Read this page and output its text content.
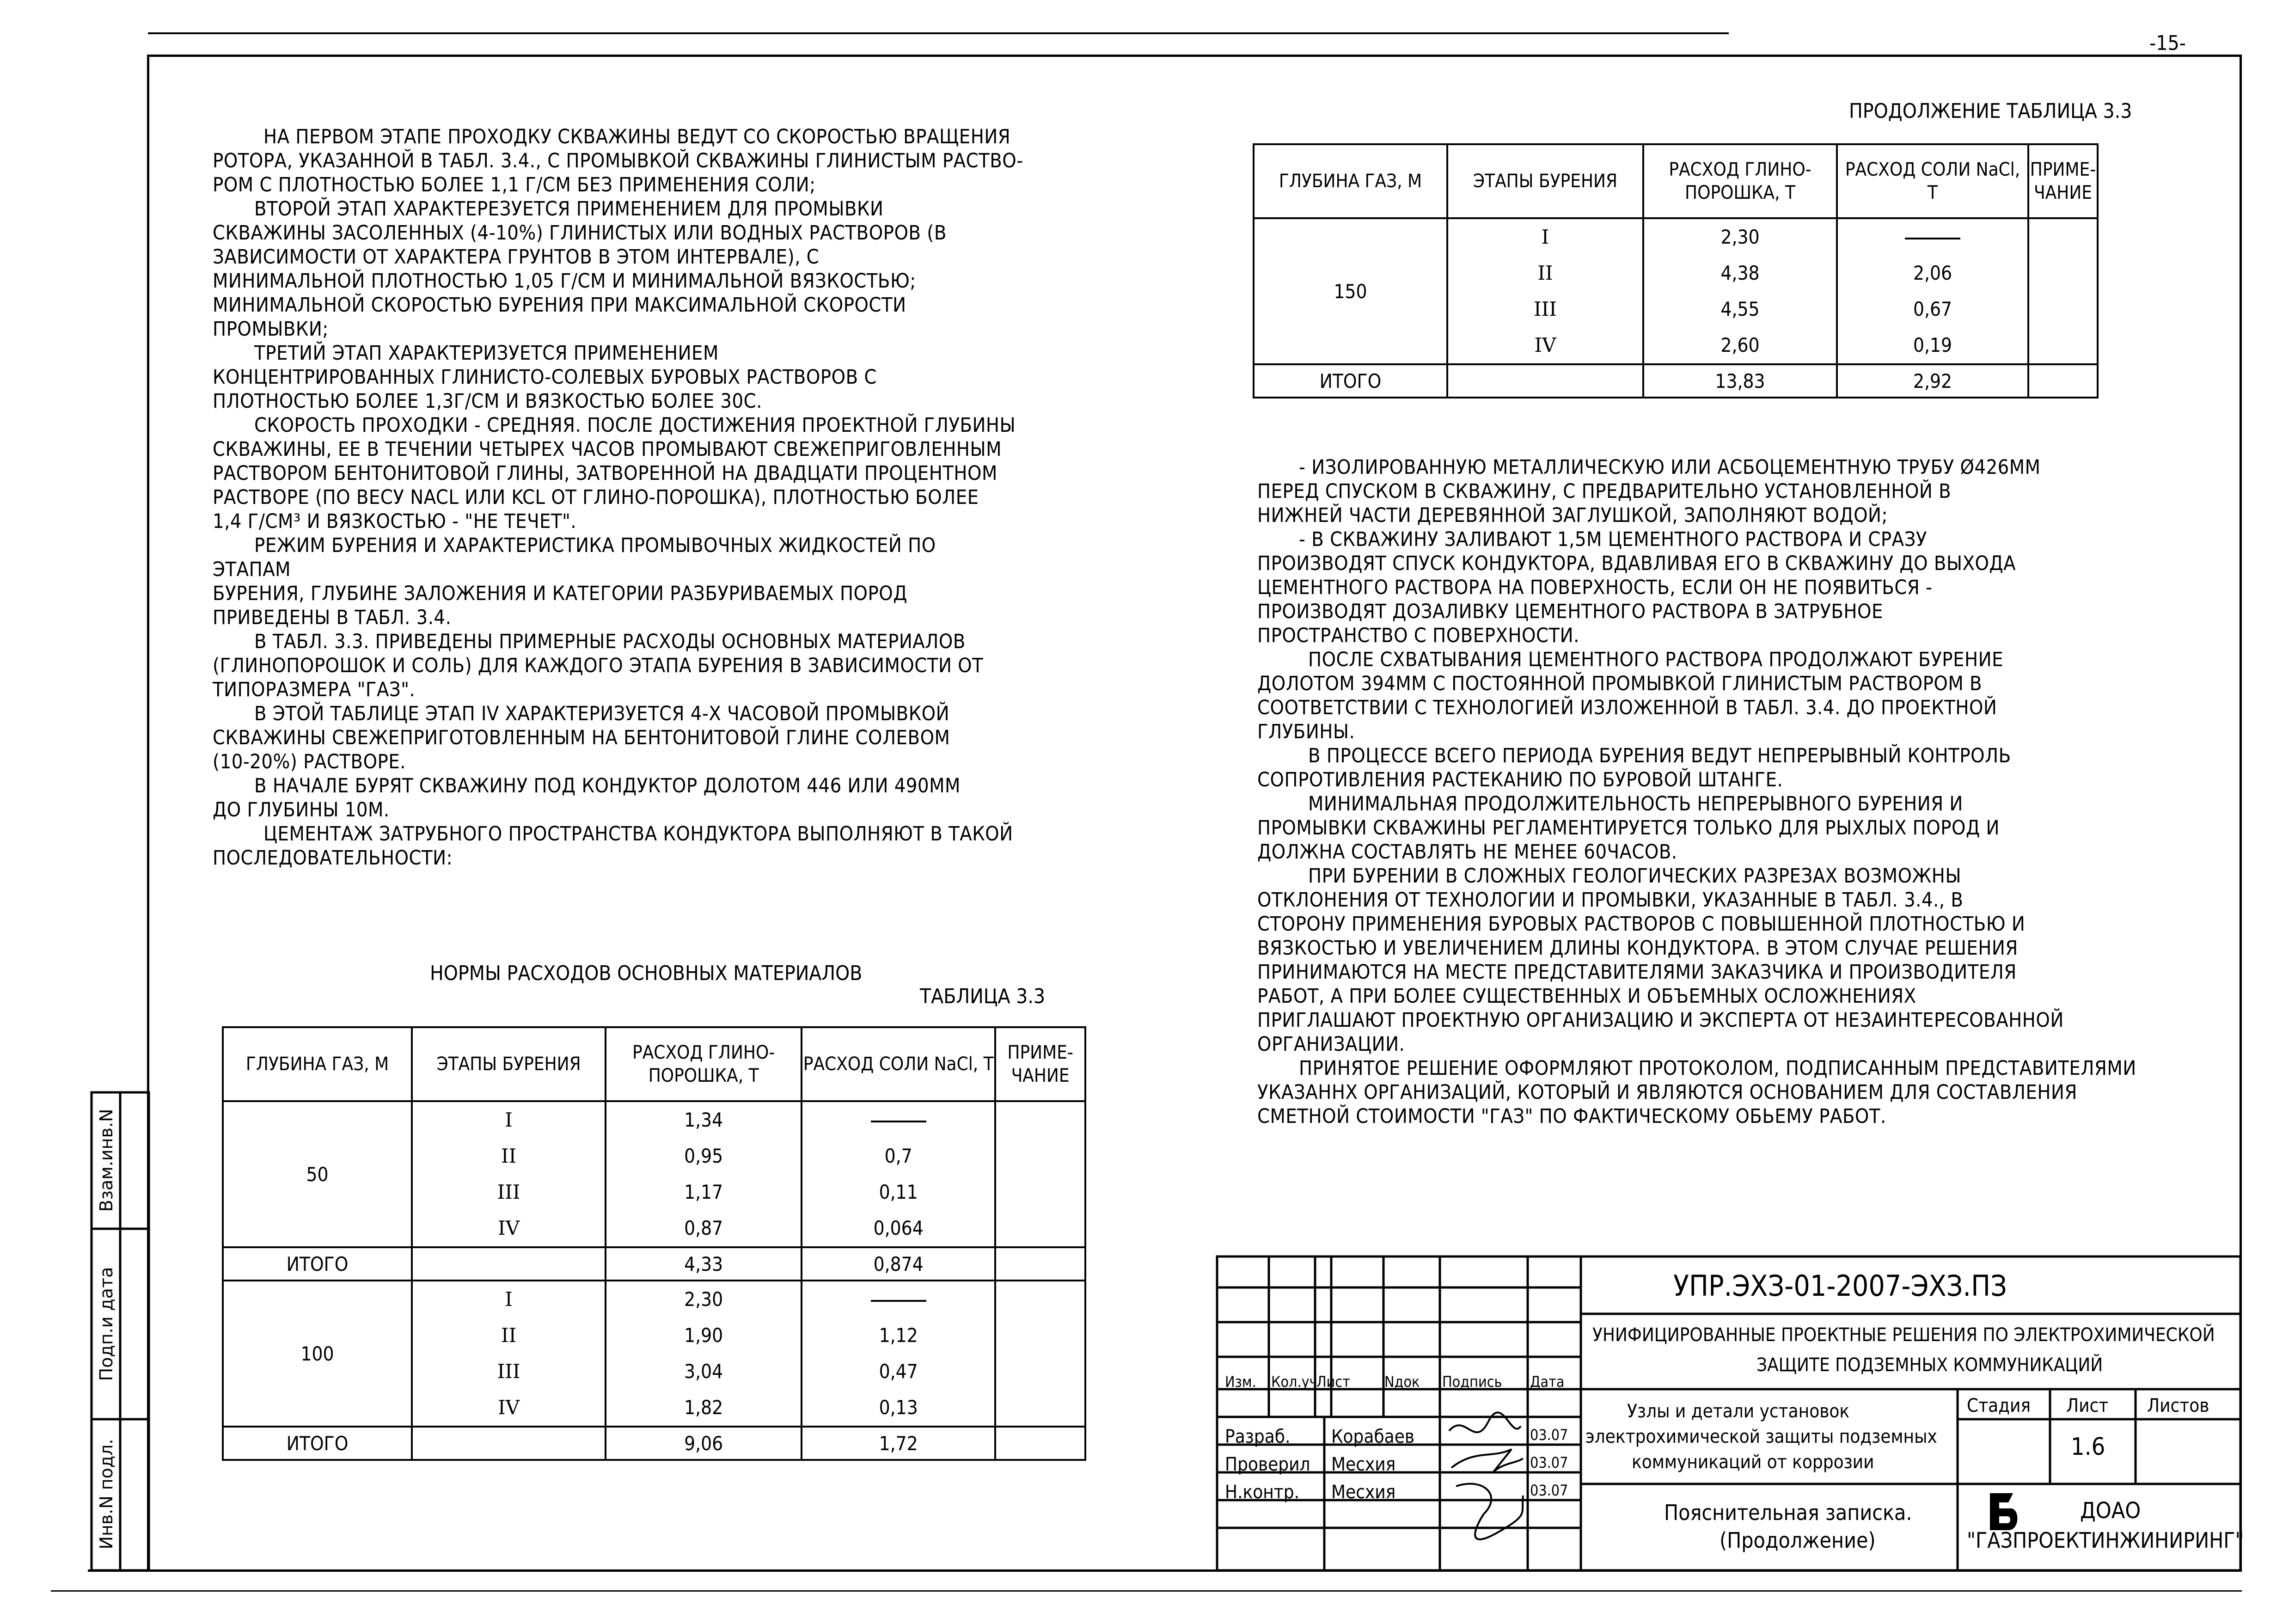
-15-

НА ПЕРВОМ ЭТАПЕ ПРОХОДКУ СКВАЖИНЫ ВЕДУТ СО СКОРОСТЬЮ ВРАЩЕНИЯ

РОТОРА, УКАЗАННОЙ В ТАБЛ. 3.4., С ПРОМЫВКОЙ СКВАЖИНЫ ГЛИНИСТЫМ РАСТВО-

РОМ С ПЛОТНОСТЬЮ БОЛЕЕ 1,1 Г/СМ БЕЗ ПРИМЕНЕНИЯ СОЛИ;

ВТОРОЙ ЭТАП ХАРАКТЕРЕЗУЕТСЯ ПРИМЕНЕНИЕМ ДЛЯ ПРОМЫВКИ

СКВАЖИНЫ ЗАСОЛЕННЫХ (4-10%) ГЛИНИСТЫХ ИЛИ ВОДНЫХ РАСТВОРОВ (В

ЗАВИСИМОСТИ ОТ ХАРАКТЕРА ГРУНТОВ В ЭТОМ ИНТЕРВАЛЕ), С

МИНИМАЛЬНОЙ ПЛОТНОСТЬЮ 1,05 Г/СМ И МИНИМАЛЬНОЙ ВЯЗКОСТЬЮ;

МИНИМАЛЬНОЙ СКОРОСТЬЮ БУРЕНИЯ ПРИ МАКСИМАЛЬНОЙ СКОРОСТИ

ПРОМЫВКИ;

ТРЕТИЙ ЭТАП ХАРАКТЕРИЗУЕТСЯ ПРИМЕНЕНИЕМ

КОНЦЕНТРИРОВАННЫХ ГЛИНИСТО-СОЛЕВЫХ БУРОВЫХ РАСТВОРОВ С

ПЛОТНОСТЬЮ БОЛЕЕ 1,3Г/СМ И ВЯЗКОСТЬЮ БОЛЕЕ 30С.

СКОРОСТЬ ПРОХОДКИ - СРЕДНЯЯ. ПОСЛЕ ДОСТИЖЕНИЯ ПРОЕКТНОЙ ГЛУБИНЫ

СКВАЖИНЫ, ЕЕ В ТЕЧЕНИИ ЧЕТЫРЕХ ЧАСОВ ПРОМЫВАЮТ СВЕЖЕПРИГОВЛЕННЫМ

РАСТВОРОМ БЕНТОНИТОВОЙ ГЛИНЫ, ЗАТВОРЕННОЙ НА ДВАДЦАТИ ПРОЦЕНТНОМ

РАСТВОРЕ (ПО ВЕСУ NACL ИЛИ KCL ОТ ГЛИНО-ПОРОШКА), ПЛОТНОСТЬЮ БОЛЕЕ

1,4 Г/СМ³ И ВЯЗКОСТЬЮ - "НЕ ТЕЧЕТ".

РЕЖИМ БУРЕНИЯ И ХАРАКТЕРИСТИКА ПРОМЫВОЧНЫХ ЖИДКОСТЕЙ ПО

ЭТАПАМ

БУРЕНИЯ, ГЛУБИНЕ ЗАЛОЖЕНИЯ И КАТЕГОРИИ РАЗБУРИВАЕМЫХ ПОРОД

ПРИВЕДЕНЫ В ТАБЛ. 3.4.

В ТАБЛ. 3.3. ПРИВЕДЕНЫ ПРИМЕРНЫЕ РАСХОДЫ ОСНОВНЫХ МАТЕРИАЛОВ

(ГЛИНОПОРОШОК И СОЛЬ) ДЛЯ КАЖДОГО ЭТАПА БУРЕНИЯ В ЗАВИСИМОСТИ ОТ

ТИПОРАЗМЕРА "ГАЗ".

В ЭТОЙ ТАБЛИЦЕ ЭТАП IV ХАРАКТЕРИЗУЕТСЯ 4-Х ЧАСОВОЙ ПРОМЫВКОЙ

СКВАЖИНЫ СВЕЖЕПРИГОТОВЛЕННЫМ НА БЕНТОНИТОВОЙ ГЛИНЕ СОЛЕВОМ

(10-20%) РАСТВОРЕ.

В НАЧАЛЕ БУРЯТ СКВАЖИНУ ПОД КОНДУКТОР ДОЛОТОМ 446 ИЛИ 490ММ

ДО ГЛУБИНЫ 10М.

ЦЕМЕНТАЖ ЗАТРУБНОГО ПРОСТРАНСТВА КОНДУКТОРА ВЫПОЛНЯЮТ В ТАКОЙ

ПОСЛЕДОВАТЕЛЬНОСТИ:

- ИЗОЛИРОВАННУЮ МЕТАЛЛИЧЕСКУЮ ИЛИ АСБОЦЕМЕНТНУЮ ТРУБУ Ø426ММ

ПЕРЕД СПУСКОМ В СКВАЖИНУ, С ПРЕДВАРИТЕЛЬНО УСТАНОВЛЕННОЙ В

НИЖНЕЙ ЧАСТИ ДЕРЕВЯННОЙ ЗАГЛУШКОЙ, ЗАПОЛНЯЮТ ВОДОЙ;

- В СКВАЖИНУ ЗАЛИВАЮТ 1,5М ЦЕМЕНТНОГО РАСТВОРА И СРАЗУ

ПРОИЗВОДЯТ СПУСК КОНДУКТОРА, ВДАВЛИВАЯ ЕГО В СКВАЖИНУ ДО ВЫХОДА

ЦЕМЕНТНОГО РАСТВОРА НА ПОВЕРХНОСТЬ, ЕСЛИ ОН НЕ ПОЯВИТЬСЯ -

ПРОИЗВОДЯТ ДОЗАЛИВКУ ЦЕМЕНТНОГО РАСТВОРА В ЗАТРУБНОЕ

ПРОСТРАНСТВО С ПОВЕРХНОСТИ.

ПОСЛЕ СХВАТЫВАНИЯ ЦЕМЕНТНОГО РАСТВОРА ПРОДОЛЖАЮТ БУРЕНИЕ

ДОЛОТОМ 394ММ С ПОСТОЯННОЙ ПРОМЫВКОЙ ГЛИНИСТЫМ РАСТВОРОМ В

СООТВЕТСТВИИ С ТЕХНОЛОГИЕЙ ИЗЛОЖЕННОЙ В ТАБЛ. 3.4. ДО ПРОЕКТНОЙ

ГЛУБИНЫ.

В ПРОЦЕССЕ ВСЕГО ПЕРИОДА БУРЕНИЯ ВЕДУТ НЕПРЕРЫВНЫЙ КОНТРОЛЬ

СОПРОТИВЛЕНИЯ РАСТЕКАНИЮ ПО БУРОВОЙ ШТАНГЕ.

МИНИМАЛЬНАЯ ПРОДОЛЖИТЕЛЬНОСТЬ НЕПРЕРЫВНОГО БУРЕНИЯ И

ПРОМЫВКИ СКВАЖИНЫ РЕГЛАМЕНТИРУЕТСЯ ТОЛЬКО ДЛЯ РЫХЛЫХ ПОРОД И

ДОЛЖНА СОСТАВЛЯТЬ НЕ МЕНЕЕ 60ЧАСОВ.

ПРИ БУРЕНИИ В СЛОЖНЫХ ГЕОЛОГИЧЕСКИХ РАЗРЕЗАХ ВОЗМОЖНЫ

ОТКЛОНЕНИЯ ОТ ТЕХНОЛОГИИ И ПРОМЫВКИ, УКАЗАННЫЕ В ТАБЛ. 3.4., В

СТОРОНУ ПРИМЕНЕНИЯ БУРОВЫХ РАСТВОРОВ С ПОВЫШЕННОЙ ПЛОТНОСТЬЮ И

ВЯЗКОСТЬЮ И УВЕЛИЧЕНИЕМ ДЛИНЫ КОНДУКТОРА. В ЭТОМ СЛУЧАЕ РЕШЕНИЯ

ПРИНИМАЮТСЯ НА МЕСТЕ ПРЕДСТАВИТЕЛЯМИ ЗАКАЗЧИКА И ПРОИЗВОДИТЕЛЯ

РАБОТ, А ПРИ БОЛЕЕ СУЩЕСТВЕННЫХ И ОБЪЕМНЫХ ОСЛОЖНЕНИЯХ

ПРИГЛАШАЮТ ПРОЕКТНУЮ ОРГАНИЗАЦИЮ И ЭКСПЕРТА ОТ НЕЗАИНТЕРЕСОВАННОЙ

ОРГАНИЗАЦИИ.

ПРИНЯТОЕ РЕШЕНИЕ ОФОРМЛЯЮТ ПРОТОКОЛОМ, ПОДПИСАННЫМ ПРЕДСТАВИТЕЛЯМИ

УКАЗАННХ ОРГАНИЗАЦИЙ, КОТОРЫЙ И ЯВЛЯЮТСЯ ОСНОВАНИЕМ ДЛЯ СОСТАВЛЕНИЯ

СМЕТНОЙ СТОИМОСТИ "ГАЗ" ПО ФАКТИЧЕСКОМУ ОБЬЕМУ РАБОТ.

ПРОДОЛЖЕНИЕ ТАБЛИЦА 3.3
ГЛУБИНА ГАЗ, М	ЭТАПЫ БУРЕНИЯ	РАСХОД ГЛИНО-ПОРОШКА, Т	РАСХОД СОЛИ NaCl, Т	ПРИМЕ-ЧАНИЕ
150	I	2,30		
	II	4,38	2,06	
	III	4,55	0,67	
	IV	2,60	0,19	
ИТОГО		13,83	2,92	
НОРМЫ РАСХОДОВ ОСНОВНЫХ МАТЕРИАЛОВ
ТАБЛИЦА 3.3
ГЛУБИНА ГАЗ, М	ЭТАПЫ БУРЕНИЯ	РАСХОД ГЛИНО-ПОРОШКА, Т	РАСХОД СОЛИ NaCl, Т	ПРИМЕ-ЧАНИЕ
50	I	1,34		
	II	0,95	0,7	
	III	1,17	0,11	
	IV	0,87	0,064	
ИТОГО		4,33	0,874	
100	I	2,30		
	II	1,90	1,12	
	III	3,04	0,47	
	IV	1,82	0,13	
ИТОГО		9,06	1,72	
Взам.инв.N
Подп.и дата
Инв.N подл.
УПР.ЭХЗ-01-2007-ЭХЗ.ПЗ
УНИФИЦИРОВАННЫЕ ПРОЕКТНЫЕ РЕШЕНИЯ ПО ЭЛЕКТРОХИМИЧЕСКОЙ
ЗАЩИТЕ ПОДЗЕМНЫХ КОММУНИКАЦИЙ
Изм. Кол.уч
Лист Nдок Подпись Дата
Разраб. Корабаев	03.07
Проверил Месхия	03.07
Н.контр. Месхия	03.07
Узлы и детали установок
электрохимической защиты подземных
коммуникаций от коррозии
Стадия Лист
1.6
Листов
Пояснительная записка.
(Продолжение)
ДОАО
"ГАЗПРОЕКТИНЖИНИРИНГ"
